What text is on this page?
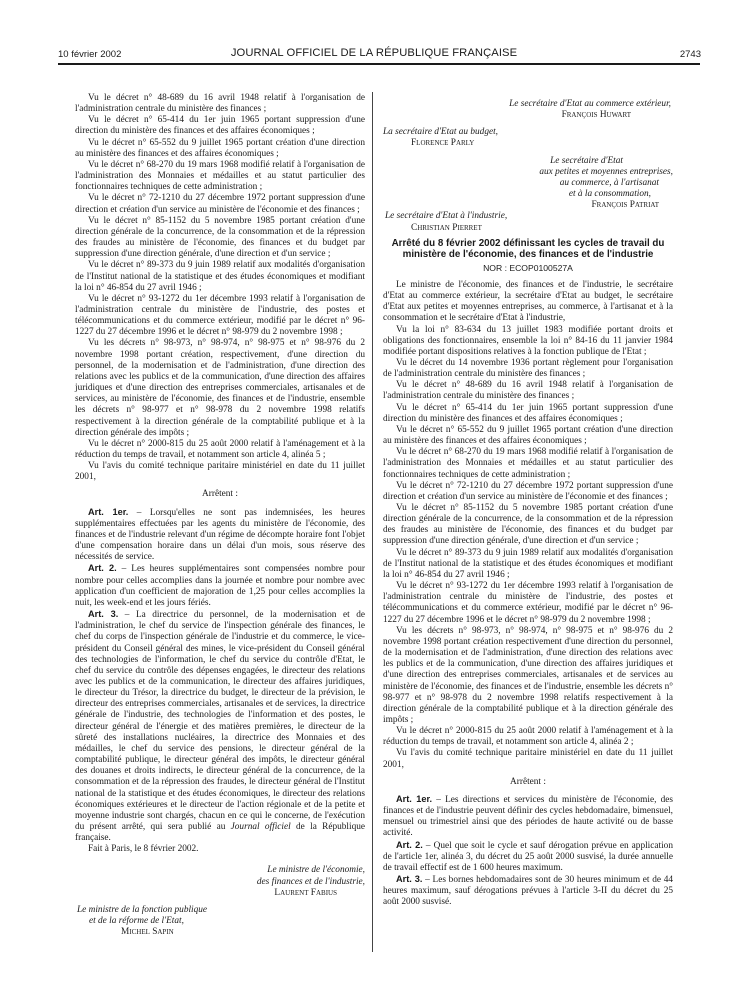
10 février 2002	JOURNAL OFFICIEL DE LA RÉPUBLIQUE FRANÇAISE	2743

Vu le décret n° 48-689 du 16 avril 1948 relatif à l'organisation de l'administration centrale du ministère des finances ;

Vu le décret n° 65-414 du 1er juin 1965 portant suppression d'une direction du ministère des finances et des affaires économiques ;

Vu le décret n° 65-552 du 9 juillet 1965 portant création d'une direction au ministère des finances et des affaires économiques ;

Vu le décret n° 68-270 du 19 mars 1968 modifié relatif à l'organisation de l'administration des Monnaies et médailles et au statut particulier des fonctionnaires techniques de cette administration ;

Vu le décret n° 72-1210 du 27 décembre 1972 portant suppression d'une direction et création d'un service au ministère de l'économie et des finances ;

Vu le décret n° 85-1152 du 5 novembre 1985 portant création d'une direction générale de la concurrence, de la consommation et de la répression des fraudes au ministère de l'économie, des finances et du budget par suppression d'une direction générale, d'une direction et d'un service ;

Vu le décret n° 89-373 du 9 juin 1989 relatif aux modalités d'organisation de l'Institut national de la statistique et des études économiques et modifiant la loi n° 46-854 du 27 avril 1946 ;

Vu le décret n° 93-1272 du 1er décembre 1993 relatif à l'organisation de l'administration centrale du ministère de l'industrie, des postes et télécommunications et du commerce extérieur, modifié par le décret n° 96-1227 du 27 décembre 1996 et le décret n° 98-979 du 2 novembre 1998 ;

Vu les décrets n° 98-973, n° 98-974, n° 98-975 et n° 98-976 du 2 novembre 1998 portant création, respectivement, d'une direction du personnel, de la modernisation et de l'administration, d'une direction des relations avec les publics et de la communication, d'une direction des affaires juridiques et d'une direction des entreprises commerciales, artisanales et de services, au ministère de l'économie, des finances et de l'industrie, ensemble les décrets n° 98-977 et n° 98-978 du 2 novembre 1998 relatifs respectivement à la direction générale de la comptabilité publique et à la direction générale des impôts ;

Vu le décret n° 2000-815 du 25 août 2000 relatif à l'aménagement et à la réduction du temps de travail, et notamment son article 4, alinéa 5 ;

Vu l'avis du comité technique paritaire ministériel en date du 11 juillet 2001,

Arrêtent :

Art. 1er. – Lorsqu'elles ne sont pas indemnisées, les heures supplémentaires effectuées par les agents du ministère de l'économie, des finances et de l'industrie relevant d'un régime de décompte horaire font l'objet d'une compensation horaire dans un délai d'un mois, sous réserve des nécessités de service.

Art. 2. – Les heures supplémentaires sont compensées nombre pour nombre pour celles accomplies dans la journée et nombre pour nombre avec application d'un coefficient de majoration de 1,25 pour celles accomplies la nuit, les week-end et les jours fériés.

Art. 3. – La directrice du personnel, de la modernisation et de l'administration, le chef du service de l'inspection générale des finances, le chef du corps de l'inspection générale de l'industrie et du commerce, le vice-président du Conseil général des mines, le vice-président du Conseil général des technologies de l'information, le chef du service du contrôle d'Etat, le chef du service du contrôle des dépenses engagées, le directeur des relations avec les publics et de la communication, le directeur des affaires juridiques, le directeur du Trésor, la directrice du budget, le directeur de la prévision, le directeur des entreprises commerciales, artisanales et de services, la directrice générale de l'industrie, des technologies de l'information et des postes, le directeur général de l'énergie et des matières premières, le directeur de la sûreté des installations nucléaires, la directrice des Monnaies et des médailles, le chef du service des pensions, le directeur général de la comptabilité publique, le directeur général des impôts, le directeur général des douanes et droits indirects, le directeur général de la concurrence, de la consommation et de la répression des fraudes, le directeur général de l'Institut national de la statistique et des études économiques, le directeur des relations économiques extérieures et le directeur de l'action régionale et de la petite et moyenne industrie sont chargés, chacun en ce qui le concerne, de l'exécution du présent arrêté, qui sera publié au Journal officiel de la République française.

Fait à Paris, le 8 février 2002.

Le ministre de l'économie,

des finances et de l'industrie,

Laurent Fabius

Le ministre de la fonction publique

et de la réforme de l'Etat,

Michel Sapin

Le secrétaire d'Etat au commerce extérieur,

François Huwart

La secrétaire d'Etat au budget,

Florence Parly

Le secrétaire d'Etat

aux petites et moyennes entreprises,

au commerce, à l'artisanat

et à la consommation,

François Patriat

Le secrétaire d'Etat à l'industrie,

Christian Pierret

Arrêté du 8 février 2002 définissant les cycles de travail du ministère de l'économie, des finances et de l'industrie

NOR : ECOP0100527A

Le ministre de l'économie, des finances et de l'industrie, le secrétaire d'Etat au commerce extérieur, la secrétaire d'Etat au budget, le secrétaire d'Etat aux petites et moyennes entreprises, au commerce, à l'artisanat et à la consommation et le secrétaire d'Etat à l'industrie,

Vu la loi n° 83-634 du 13 juillet 1983 modifiée portant droits et obligations des fonctionnaires, ensemble la loi n° 84-16 du 11 janvier 1984 modifiée portant dispositions relatives à la fonction publique de l'Etat ;

Vu le décret du 14 novembre 1936 portant règlement pour l'organisation de l'administration centrale du ministère des finances ;

Vu le décret n° 48-689 du 16 avril 1948 relatif à l'organisation de l'administration centrale du ministère des finances ;

Vu le décret n° 65-414 du 1er juin 1965 portant suppression d'une direction du ministère des finances et des affaires économiques ;

Vu le décret n° 65-552 du 9 juillet 1965 portant création d'une direction au ministère des finances et des affaires économiques ;

Vu le décret n° 68-270 du 19 mars 1968 modifié relatif à l'organisation de l'administration des Monnaies et médailles et au statut particulier des fonctionnaires techniques de cette administration ;

Vu le décret n° 72-1210 du 27 décembre 1972 portant suppression d'une direction et création d'un service au ministère de l'économie et des finances ;

Vu le décret n° 85-1152 du 5 novembre 1985 portant création d'une direction générale de la concurrence, de la consommation et de la répression des fraudes au ministère de l'économie, des finances et du budget par suppression d'une direction générale, d'une direction et d'un service ;

Vu le décret n° 89-373 du 9 juin 1989 relatif aux modalités d'organisation de l'Institut national de la statistique et des études économiques et modifiant la loi n° 46-854 du 27 avril 1946 ;

Vu le décret n° 93-1272 du 1er décembre 1993 relatif à l'organisation de l'administration centrale du ministère de l'industrie, des postes et télécommunications et du commerce extérieur, modifié par le décret n° 96-1227 du 27 décembre 1996 et le décret n° 98-979 du 2 novembre 1998 ;

Vu les décrets n° 98-973, n° 98-974, n° 98-975 et n° 98-976 du 2 novembre 1998 portant création respectivement d'une direction du personnel, de la modernisation et de l'administration, d'une direction des relations avec les publics et de la communication, d'une direction des affaires juridiques et d'une direction des entreprises commerciales, artisanales et de services au ministère de l'économie, des finances et de l'industrie, ensemble les décrets n° 98-977 et n° 98-978 du 2 novembre 1998 relatifs respectivement à la direction générale de la comptabilité publique et à la direction générale des impôts ;

Vu le décret n° 2000-815 du 25 août 2000 relatif à l'aménagement et à la réduction du temps de travail, et notamment son article 4, alinéa 2 ;

Vu l'avis du comité technique paritaire ministériel en date du 11 juillet 2001,

Arrêtent :

Art. 1er. – Les directions et services du ministère de l'économie, des finances et de l'industrie peuvent définir des cycles hebdomadaire, bimensuel, mensuel ou trimestriel ainsi que des périodes de haute activité ou de basse activité.

Art. 2. – Quel que soit le cycle et sauf dérogation prévue en application de l'article 1er, alinéa 3, du décret du 25 août 2000 susvisé, la durée annuelle de travail effectif est de 1 600 heures maximum.

Art. 3. – Les bornes hebdomadaires sont de 30 heures minimum et de 44 heures maximum, sauf dérogations prévues à l'article 3-II du décret du 25 août 2000 susvisé.
